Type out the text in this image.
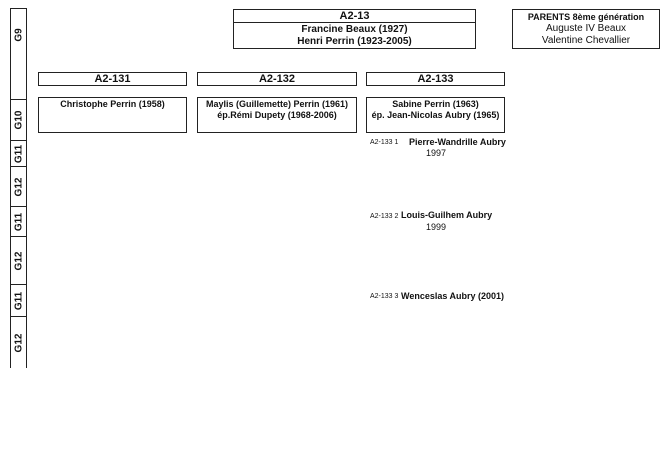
G9
G10
G11
G12
G11
G12
G11
G12
A2-13
Francine Beaux (1927)
Henri Perrin (1923-2005)
PARENTS 8ème génération
Auguste IV Beaux
Valentine Chevallier
A2-131	A2-132	A2-133
Christophe Perrin (1958)	Maylis (Guillemette) Perrin (1961)
ép.Rémi Dupety (1968-2006)
Sabine Perrin (1963)
ép. Jean-Nicolas Aubry (1965)
A2-133 1 Pierre-Wandrille Aubry
1997
A2-133 2 Louis-Guilhem Aubry
1999
A2-133 3 Wenceslas Aubry (2001)
